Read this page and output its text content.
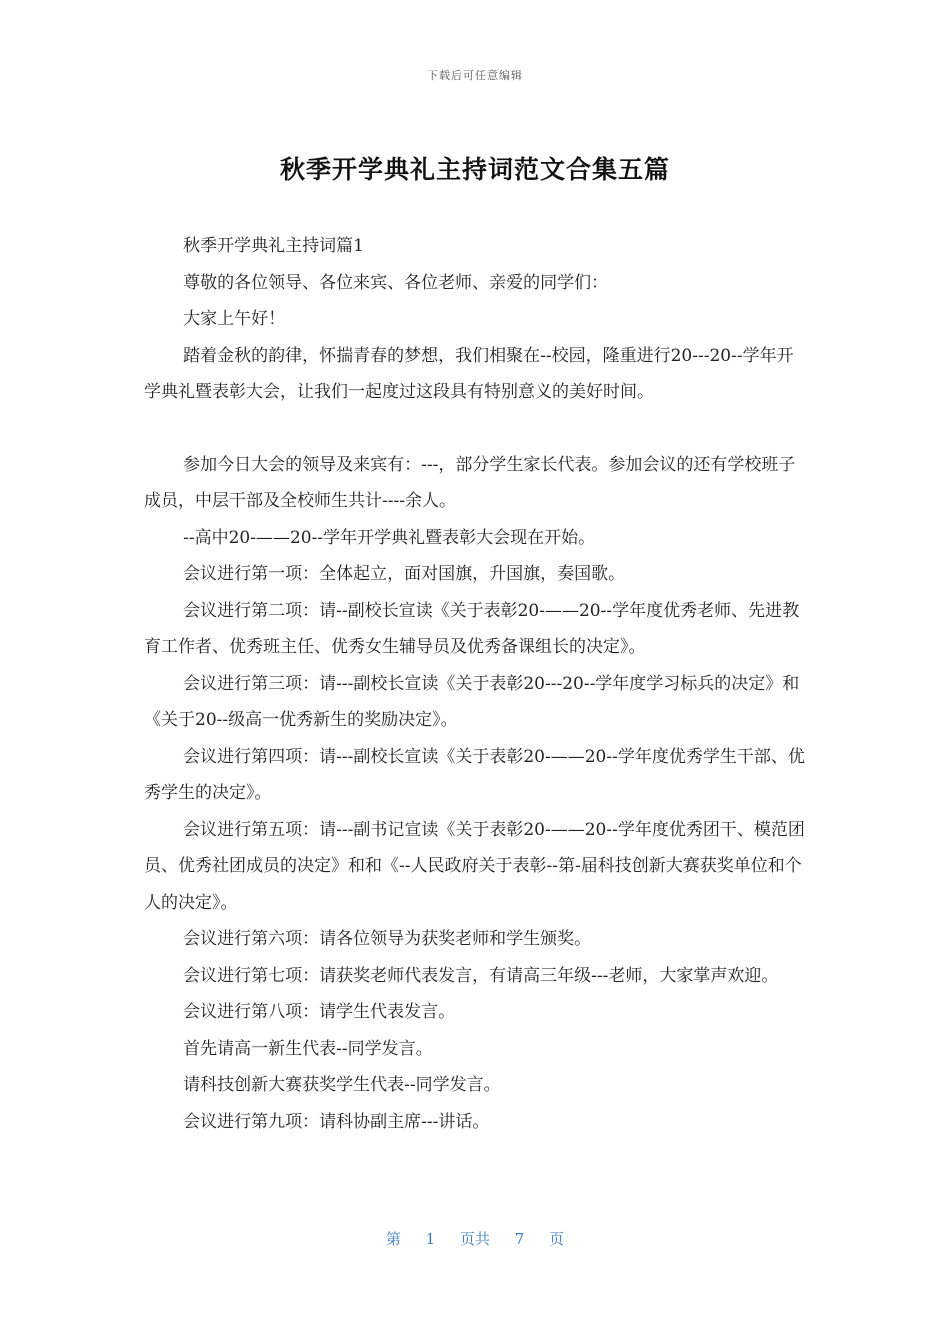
下载后可任意编辑
秋季开学典礼主持词范文合集五篇

秋季开学典礼主持词篇1

尊敬的各位领导、各位来宾、各位老师、亲爱的同学们：

大家上午好！

踏着金秋的韵律，怀揣青春的梦想，我们相聚在--校园，隆重进行20---20--学年开学典礼暨表彰大会，让我们一起度过这段具有特别意义的美好时间。

参加今日大会的领导及来宾有：---，部分学生家长代表。参加会议的还有学校班子成员，中层干部及全校师生共计----余人。

--高中20-——20--学年开学典礼暨表彰大会现在开始。

会议进行第一项：全体起立，面对国旗，升国旗，奏国歌。

会议进行第二项：请--副校长宣读《关于表彰20-——20--学年度优秀老师、先进教育工作者、优秀班主任、优秀女生辅导员及优秀备课组长的决定》。

会议进行第三项：请---副校长宣读《关于表彰20---20--学年度学习标兵的决定》和《关于20--级高一优秀新生的奖励决定》。

会议进行第四项：请---副校长宣读《关于表彰20-——20--学年度优秀学生干部、优秀学生的决定》。

会议进行第五项：请---副书记宣读《关于表彰20-——20--学年度优秀团干、模范团员、优秀社团成员的决定》和和《--人民政府关于表彰--第-届科技创新大赛获奖单位和个人的决定》。

会议进行第六项：请各位领导为获奖老师和学生颁奖。

会议进行第七项：请获奖老师代表发言，有请高三年级---老师，大家掌声欢迎。

会议进行第八项：请学生代表发言。

首先请高一新生代表--同学发言。

请科技创新大赛获奖学生代表--同学发言。

会议进行第九项：请科协副主席---讲话。

第 1 页共 7 页
